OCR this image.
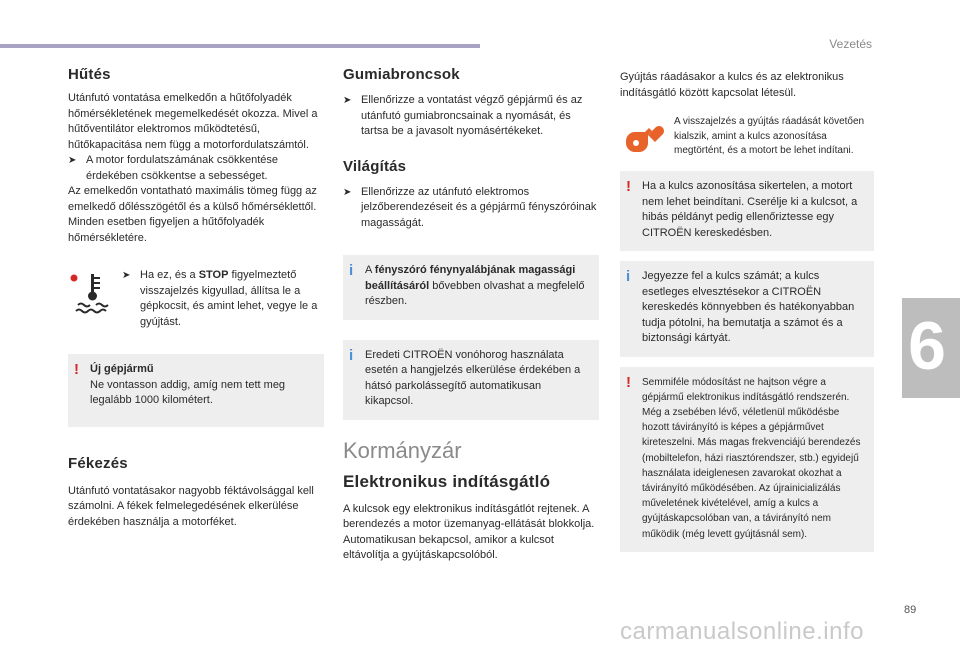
Vezetés
6
89
carmanualsonline.info
Hűtés

Utánfutó vontatása emelkedőn a hűtőfolyadék hőmérsékletének megemelkedését okozza. Mivel a hűtőventilátor elektromos működtetésű, hűtőkapacitása nem függ a motorfordulatszámtól.

➤ A motor fordulatszámának csökkentése érdekében csökkentse a sebességet.

Az emelkedőn vontatható maximális tömeg függ az emelkedő dőlésszögétől és a külső hőmérséklettől. Minden esetben figyeljen a hűtőfolyadék hőmérsékletére.

➤ Ha ez, és a STOP figyelmeztető visszajelzés kigyullad, állítsa le a gépkocsit, és amint lehet, vegye le a gyújtást.
! Új gépjármű

Ne vontasson addig, amíg nem tett meg legalább 1000 kilométert.

Fékezés

Utánfutó vontatásakor nagyobb féktávolsággal kell számolni. A fékek felmelegedésének elkerülése érdekében használja a motorféket.

Gumiabroncsok
➤ Ellenőrizze a vontatást végző gépjármű és az utánfutó gumiabroncsainak a nyomását, és tartsa be a javasolt nyomásértékeket.
Világítás
➤ Ellenőrizze az utánfutó elektromos jelzőberendezéseit és a gépjármű fényszóróinak magasságát.
i A fényszóró fénynyalábjának magassági beállításáról bővebben olvashat a megfelelő részben.

i Eredeti CITROËN vonóhorog használata esetén a hangjelzés elkerülése érdekében a hátsó parkolássegítő automatikusan kikapcsol.

Kormányzár
Elektronikus indításgátló

A kulcsok egy elektronikus indításgátlót rejtenek. A berendezés a motor üzemanyag-ellátását blokkolja. Automatikusan bekapcsol, amikor a kulcsot eltávolítja a gyújtáskapcsolóból.

Gyújtás ráadásakor a kulcs és az elektronikus indításgátló között kapcsolat létesül.

A visszajelzés a gyújtás ráadását követően kialszik, amint a kulcs azonosítása megtörtént, és a motort be lehet indítani.

! Ha a kulcs azonosítása sikertelen, a motort nem lehet beindítani. Cserélje ki a kulcsot, a hibás példányt pedig ellenőriztesse egy CITROËN kereskedésben.

i Jegyezze fel a kulcs számát; a kulcs esetleges elvesztésekor a CITROËN kereskedés könnyebben és hatékonyabban tudja pótolni, ha bemutatja a számot és a biztonsági kártyát.

! Semmiféle módosítást ne hajtson végre a gépjármű elektronikus indításgátló rendszerén. Még a zsebében lévő, véletlenül működésbe hozott távirányító is képes a gépjárművet kireteszelni. Más magas frekvenciájú berendezés (mobiltelefon, házi riasztórendszer, stb.) egyidejű használata ideiglenesen zavarokat okozhat a távirányító működésében. Az újrainicializálás műveletének kivételével, amíg a kulcs a gyújtáskapcsolóban van, a távirányító nem működik (még levett gyújtásnál sem).
